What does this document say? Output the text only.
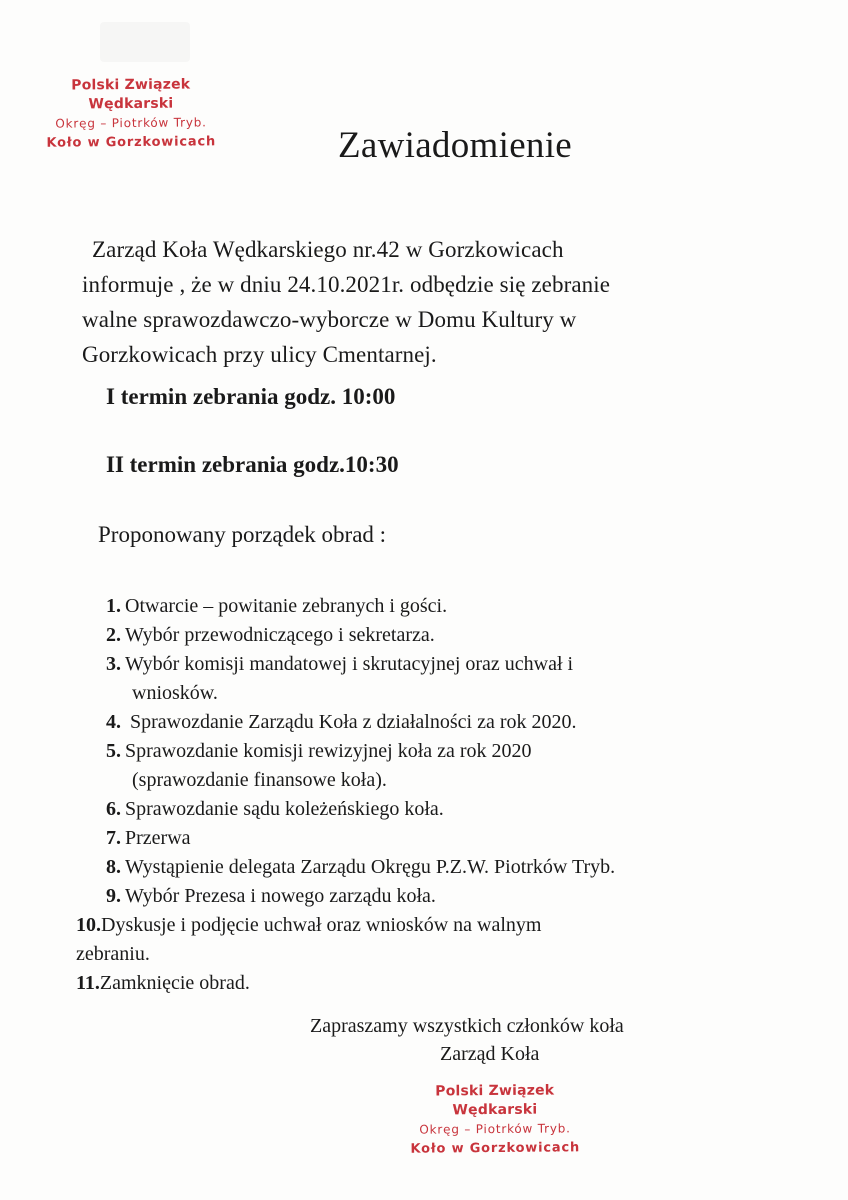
Polski Związek Wędkarski
Okręg – Piotrków Tryb.
Koło w Gorzkowicach	Zawiadomienie
Zarząd Koła Wędkarskiego nr.42 w Gorzkowicach
informuje , że w dniu 24.10.2021r. odbędzie się zebranie
walne sprawozdawczo-wyborcze w Domu Kultury w
Gorzkowicach przy ulicy Cmentarnej.
I termin zebrania godz. 10:00
II termin zebrania godz.10:30
Proponowany porządek obrad :
1. Otwarcie – powitanie zebranych i gości.
2. Wybór przewodniczącego i sekretarza.
3. Wybór komisji mandatowej i skrutacyjnej oraz uchwał i
wniosków.
4. Sprawozdanie Zarządu Koła z działalności za rok 2020.
5. Sprawozdanie komisji rewizyjnej koła za rok 2020
(sprawozdanie finansowe koła).
6. Sprawozdanie sądu koleżeńskiego koła.
7. Przerwa
8. Wystąpienie delegata Zarządu Okręgu P.Z.W. Piotrków Tryb.
9. Wybór Prezesa i nowego zarządu koła.
10.Dyskusje i podjęcie uchwał oraz wniosków na walnym
zebraniu.
11.Zamknięcie obrad.
Zapraszamy wszystkich członków koła
Zarząd Koła
Polski Związek Wędkarski
Okręg – Piotrków Tryb.
Koło w Gorzkowicach
